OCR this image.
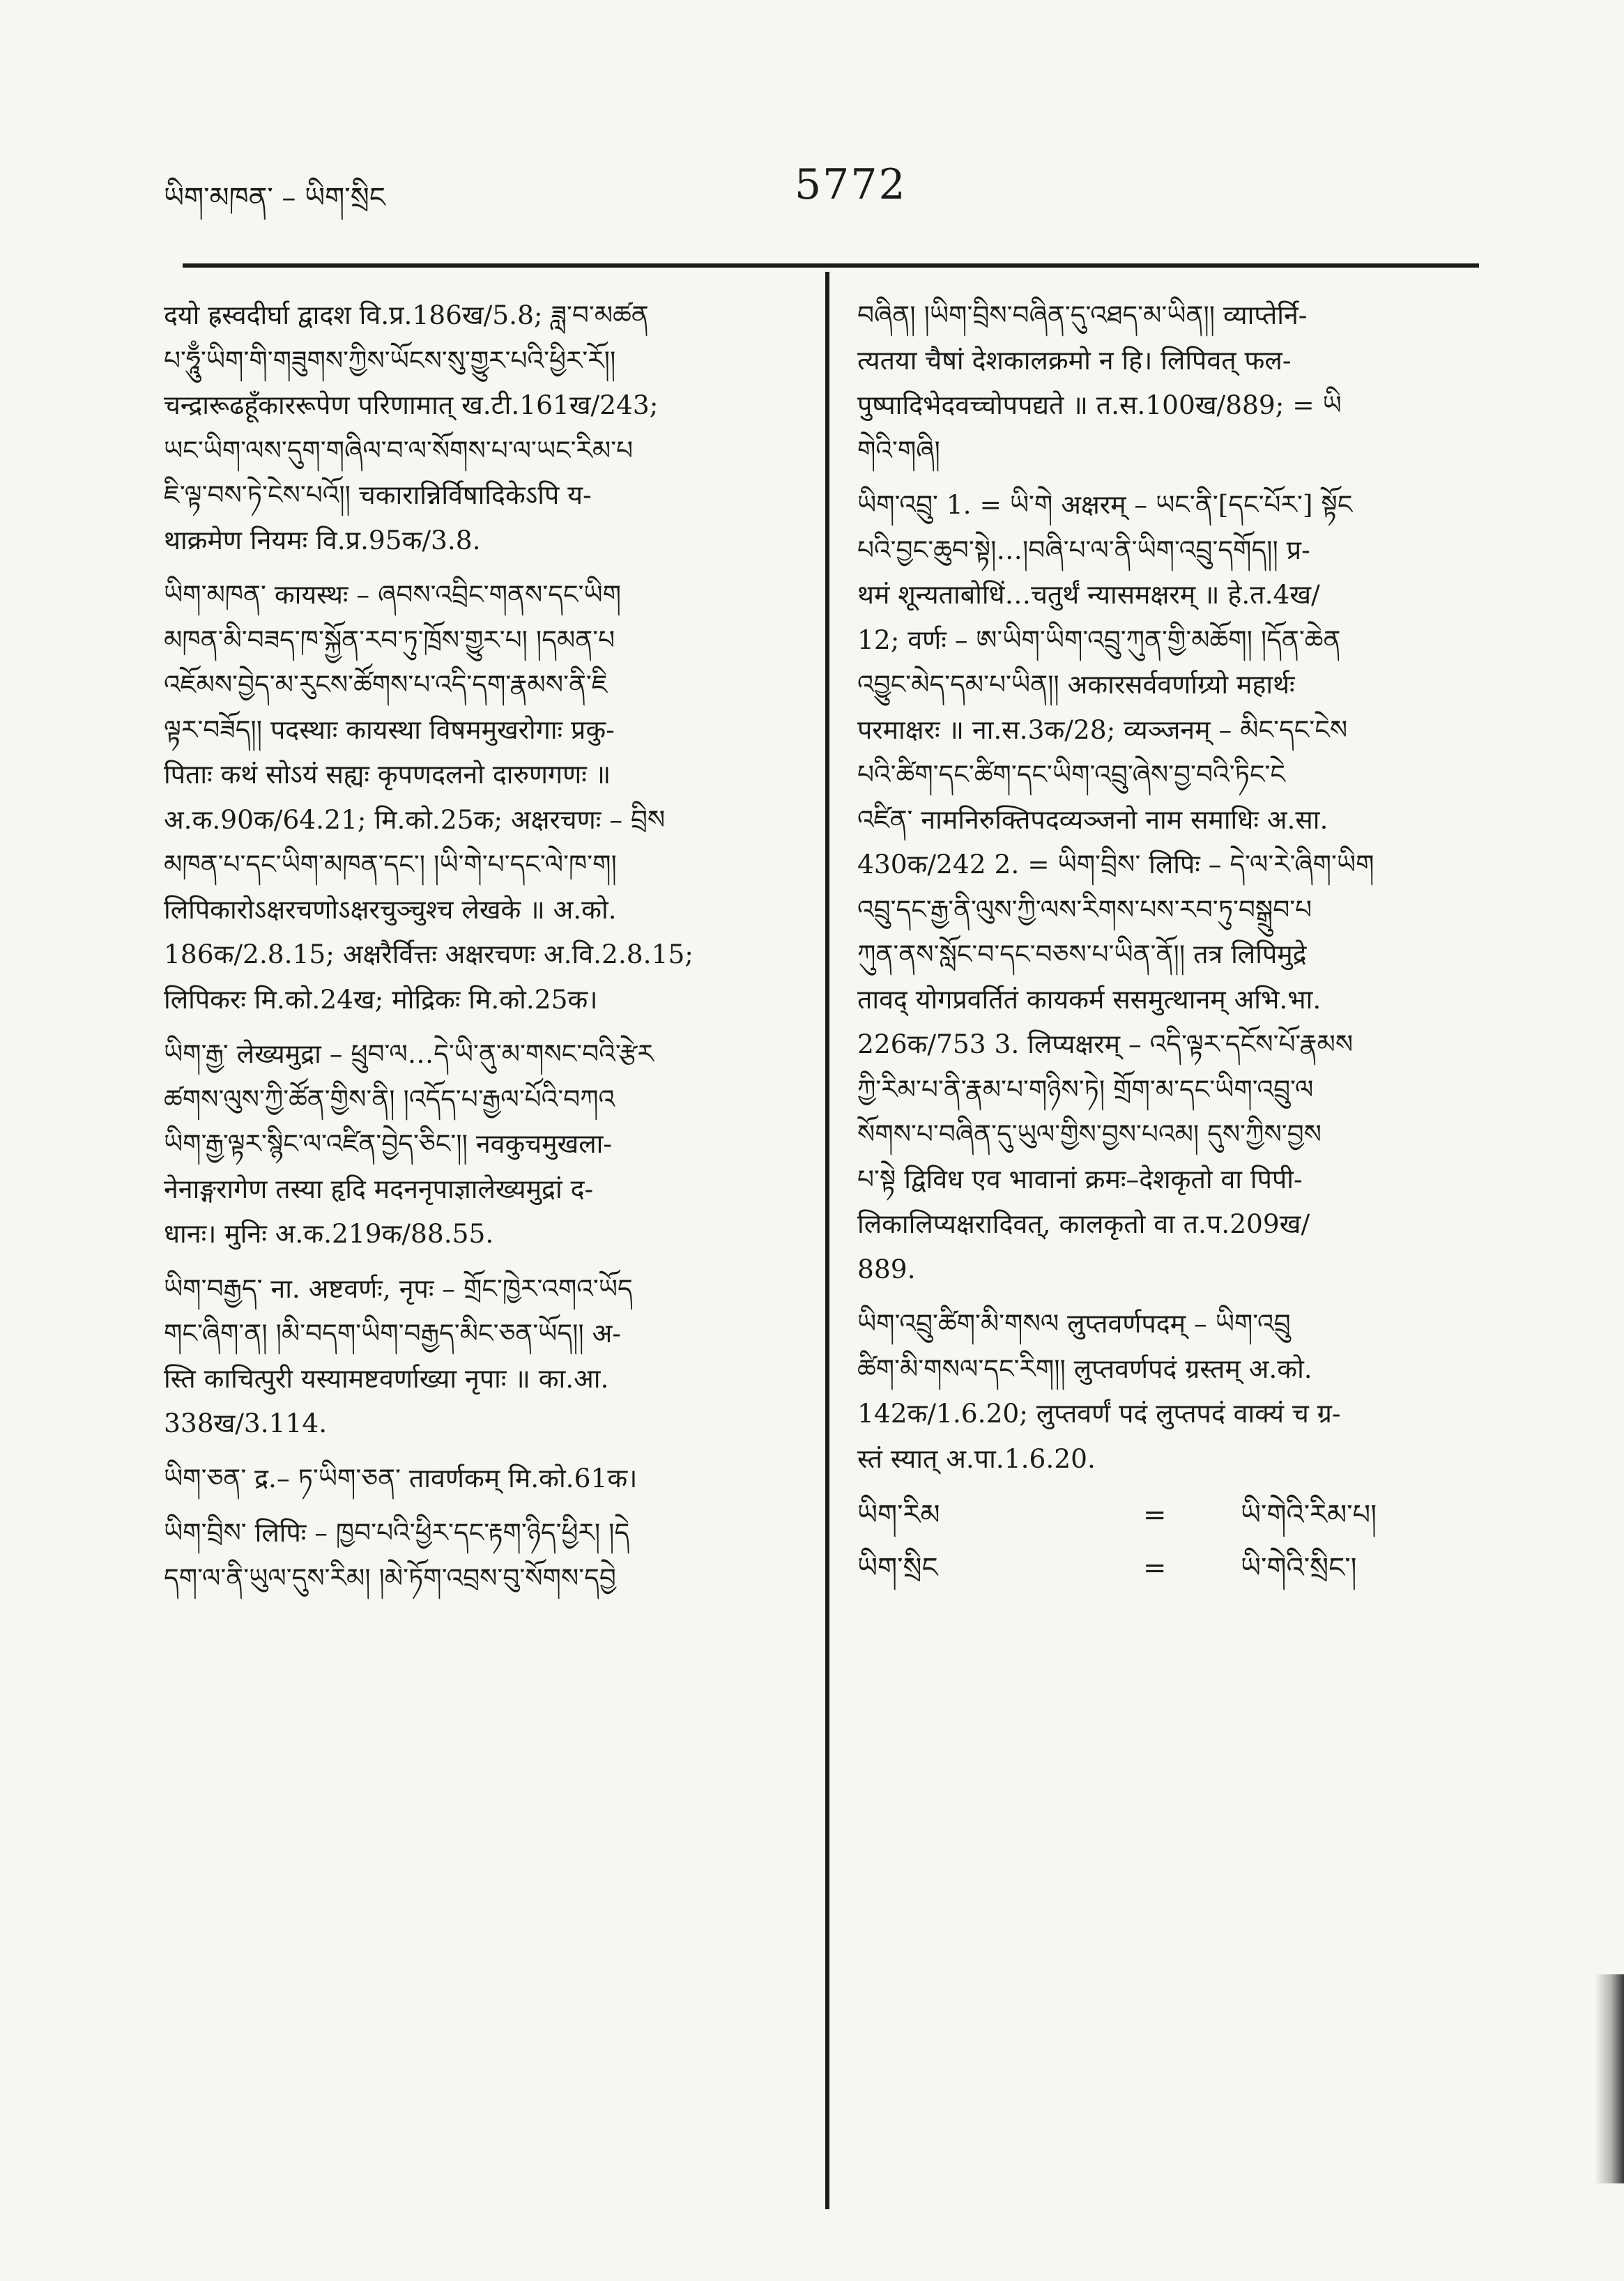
ཡིག་མཁན་ – ཡིག་སྲིང	5772
दयो ह्रस्वदीर्घा द्वादश वि.प्र.186ख/5.8; ཟླ་བ་མཚན
པ་ཧཱུྃ་ཡིག་གི་གཟུགས་ཀྱིས་ཡོངས་སུ་གྱུར་པའི་ཕྱིར་རོ།།
चन्द्रारूढहूँकाररूपेण परिणामात् ख.टी.161ख/243;
ཡང་ཡིག་ལས་དུག་གཞིལ་བ་ལ་སོགས་པ་ལ་ཡང་རིམ་པ
ཇི་ལྟ་བས་ཏེ་ངེས་པའོ།། चकारान्निर्विषादिकेऽपि य-
थाक्रमेण नियमः वि.प्र.95क/3.8.
ཡིག་མཁན་ कायस्थः – ཞབས་འབྲིང་གནས་དང་ཡིག
མཁན་མི་བཟད་ཁ་སྐྱོན་རབ་ཏུ་ཁྲོས་གྱུར་པ། །དམན་པ
འཇོམས་བྱེད་མ་རུངས་ཚོགས་པ་འདི་དག་རྣམས་ནི་ཇི
ལྟར་བཟོད།། पदस्थाः कायस्था विषममुखरोगाः प्रकु-
पिताः कथं सोऽयं सह्यः कृपणदलनो दारुणगणः ॥
अ.क.90क/64.21; मि.को.25क; अक्षरचणः – བྲིས
མཁན་པ་དང་ཡིག་མཁན་དང་། །ཡི་གེ་པ་དང་ལེ་ཁ་ག།
लिपिकारोऽक्षरचणोऽक्षरचुञ्चुश्च लेखके ॥ अ.को.
186क/2.8.15; अक्षरैर्वित्तः अक्षरचणः अ.वि.2.8.15;
लिपिकरः मि.को.24ख; मोद्रिकः मि.को.25क।
ཡིག་རྒྱ་ लेख्यमुद्रा – ཕྲུབ་ལ…དེ་ཡི་ནུ་མ་གསང་བའི་རྩེར
ཚགས་ལུས་ཀྱི་ཚོན་གྱིས་ནི། །འདོད་པ་རྒྱལ་པོའི་བཀའ
ཡིག་རྒྱ་ལྟར་སྙིང་ལ་འཛིན་བྱེད་ཅིང་།། नवकुचमुखला-
नेनाङ्गरागेण तस्या हृदि मदननृपाज्ञालेख्यमुद्रां द-
धानः। मुनिः अ.क.219क/88.55.
ཡིག་བརྒྱད་ ना. अष्टवर्णः, नृपः – གྲོང་ཁྱེར་འགའ་ཡོད
གང་ཞིག་ན། །མི་བདག་ཡིག་བརྒྱད་མིང་ཅན་ཡོད།། अ-
स्ति काचित्पुरी यस्यामष्टवर्णाख्या नृपाः ॥ का.आ.
338ख/3.114.
ཡིག་ཅན་ द्र.– ཏ་ཡིག་ཅན་ तावर्णकम् मि.को.61क।
ཡིག་བྲིས་ लिपिः – ཁྱབ་པའི་ཕྱིར་དང་རྟག་ཉིད་ཕྱིར། །དེ
དག་ལ་ནི་ཡུལ་དུས་རིམ། །མེ་ཏོག་འབྲས་བུ་སོགས་དབྱེ
བཞིན། །ཡིག་བྲིས་བཞིན་དུ་འཐད་མ་ཡིན།། व्याप्तेर्नि-
त्यतया चैषां देशकालक्रमो न हि। लिपिवत् फल-
पुष्पादिभेदवच्चोपपद्यते ॥ त.स.100ख/889; = ཡི
གེའི་གཞི།
ཡིག་འབྲུ་ 1. = ཡི་གེ अक्षरम् – ཡང་ནི་[དང་པོར་] སྟོང
པའི་བྱང་ཆུབ་སྟེ།…།བཞི་པ་ལ་ནི་ཡིག་འབྲུ་དགོད།། प्र-
थमं शून्यताबोधिं…चतुर्थं न्यासमक्षरम् ॥ हे.त.4ख/
12; वर्णः – ཨ་ཡིག་ཡིག་འབྲུ་ཀུན་གྱི་མཆོག། །དོན་ཆེན
འབྱུང་མེད་དམ་པ་ཡིན།། अकारसर्ववर्णाग्र्यो महार्थः
परमाक्षरः ॥ ना.स.3क/28; व्यञ्जनम् – མིང་དང་ངེས
པའི་ཚིག་དང་ཚིག་དང་ཡིག་འབྲུ་ཞེས་བྱ་བའི་ཏིང་ངེ
འཛིན་ नामनिरुक्तिपदव्यञ्जनो नाम समाधिः अ.सा.
430क/242 2. = ཡིག་བྲིས་ लिपिः – དེ་ལ་རེ་ཞིག་ཡིག
འབྲུ་དང་རྒྱ་ནི་ལུས་ཀྱི་ལས་རིགས་པས་རབ་ཏུ་བསྒྲུབ་པ
ཀུན་ནས་སློང་བ་དང་བཅས་པ་ཡིན་ནོ།། तत्र लिपिमुद्रे
तावद् योगप्रवर्तितं कायकर्म ससमुत्थानम् अभि.भा.
226क/753 3. लिप्यक्षरम् – འདི་ལྟར་དངོས་པོ་རྣམས
ཀྱི་རིམ་པ་ནི་རྣམ་པ་གཉིས་ཏེ། གྲོག་མ་དང་ཡིག་འབྲུ་ལ
སོགས་པ་བཞིན་དུ་ཡུལ་གྱིས་བྱས་པའམ། དུས་ཀྱིས་བྱས
པ་སྟེ द्विविध एव भावानां क्रमः–देशकृतो वा पिपी-
लिकालिप्यक्षरादिवत्, कालकृतो वा त.प.209ख/
889.
ཡིག་འབྲུ་ཚིག་མི་གསལ लुप्तवर्णपदम् – ཡིག་འབྲུ
ཚིག་མི་གསལ་དང་རིག།། लुप्तवर्णपदं ग्रस्तम् अ.को.
142क/1.6.20; लुप्तवर्णं पदं लुप्तपदं वाक्यं च ग्र-
स्तं स्यात् अ.पा.1.6.20.
ཡིག་རིམ	=	ཡི་གེའི་རིམ་པ།
ཡིག་སྲིང	=	ཡི་གེའི་སྲིང་།
